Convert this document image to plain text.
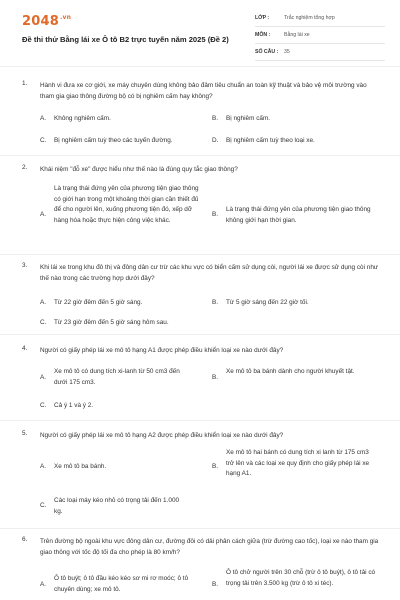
$2048^{.vn}$
Đề thi thử Bằng lái xe Ô tô B2 trực tuyến năm 2025 (Đề 2)
LỚP :	Trắc nghiệm tổng hợp
MÔN :	Bằng lái xe
SỐ CÂU : 35
1. Hành vi đưa xe cơ giới, xe máy chuyên dùng không bảo đảm tiêu chuẩn an toàn kỹ thuật và bảo vệ môi trường vào tham gia giao thông đường bộ có bị nghiêm cấm hay không?
A. Không nghiêm cấm.	B. Bị nghiêm cấm.
C. Bị nghiêm cấm tuỳ theo các tuyến đường.	D. Bị nghiêm cấm tuỳ theo loại xe.
2. Khái niệm "đỗ xe" được hiểu như thế nào là đúng quy tắc giao thông?
A.
Là trạng thái đứng yên của phương tiện giao thông có giới hạn trong một khoảng thời gian cần thiết đủ để cho người lên, xuống phương tiện đó, xếp dỡ hàng hóa hoặc thực hiện công việc khác.
B.
Là trạng thái đứng yên của phương tiện giao thông không giới hạn thời gian.
3. Khi lái xe trong khu đô thị và đông dân cư trừ các khu vực có biển cấm sử dụng còi, người lái xe được sử dụng còi như thế nào trong các trường hợp dưới đây?
A. Từ 22 giờ đêm đến 5 giờ sáng.	B. Từ 5 giờ sáng đến 22 giờ tối.
C. Từ 23 giờ đêm đến 5 giờ sáng hôm sau.
4. Người có giấy phép lái xe mô tô hạng A1 được phép điều khiển loại xe nào dưới đây?
A.
Xe mô tô có dung tích xi-lanh từ 50 cm3 đến dưới 175 cm3.
B.
Xe mô tô ba bánh dành cho người khuyết tật.
C. Cả ý 1 và ý 2.
5. Người có giấy phép lái xe mô tô hạng A2 được phép điều khiển loại xe nào dưới đây?
A. Xe mô tô ba bánh.	B.
Xe mô tô hai bánh có dung tích xi lanh từ 175 cm3 trở lên và các loại xe quy định cho giấy phép lái xe hạng A1.
C.
Các loại máy kéo nhỏ có trọng tải đến 1.000 kg.
6. Trên đường bộ ngoài khu vực đông dân cư, đường đôi có dải phân cách giữa (trừ đường cao tốc), loại xe nào tham gia giao thông với tốc độ tối đa cho phép là 80 km/h?
A.
Ô tô buýt; ô tô đầu kéo kéo sơ mi rơ moóc; ô tô chuyên dùng; xe mô tô.
B.
Ô tô chở người trên 30 chỗ (trừ ô tô buýt), ô tô tải có trọng tải trên 3.500 kg (trừ ô tô xi téc).
